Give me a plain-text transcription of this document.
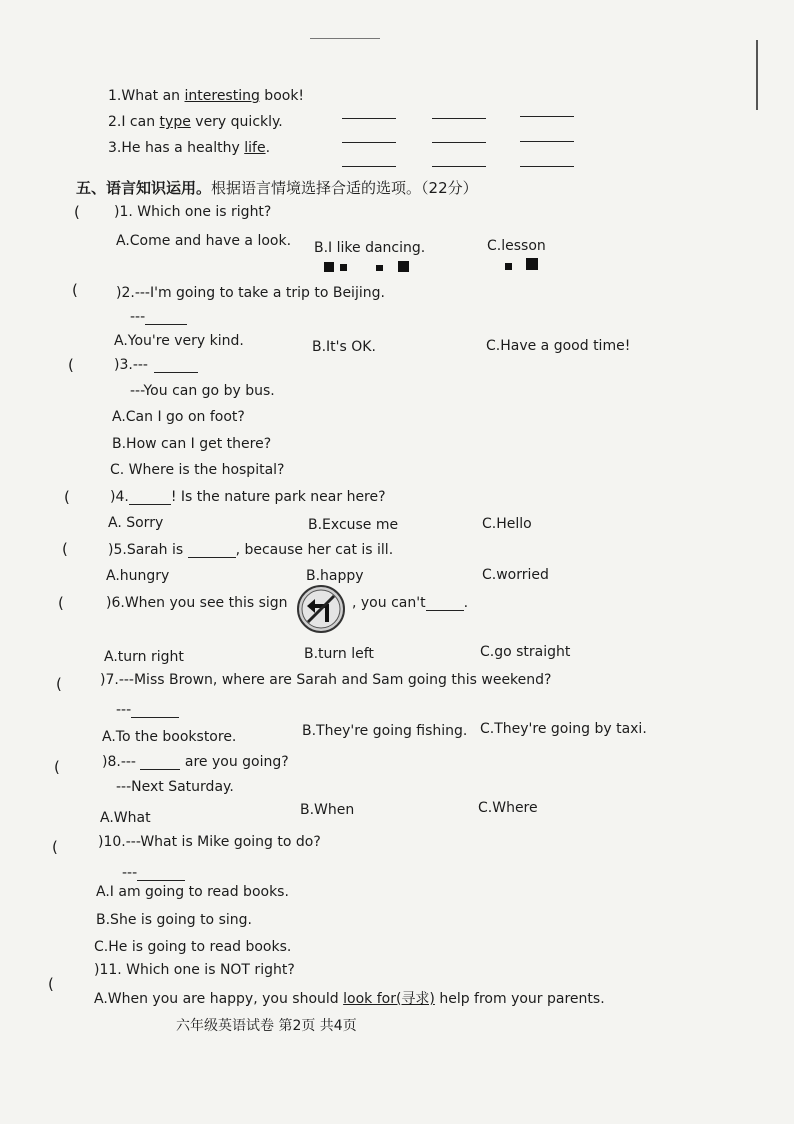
1.What an interesting book!
2.I can type very quickly.
3.He has a healthy life.
五、语言知识运用。根据语言情境选择合适的选项。（22分）
( )1. Which one is right?
A.Come and have a look. B.I like dancing.	C.lesson
(	)2.---I'm going to take a trip to Beijing.
---
A.You're very kind.	B.It's OK.	C.Have a good time!
(	)3.---
---You can go by bus.
A.Can I go on foot?
B.How can I get there?
C. Where is the hospital?
(	)4.	! Is the nature park near here?
A. Sorry	B.Excuse me	C.Hello
(	)5.Sarah is	, because her cat is ill.
A.hungry	B.happy	C.worried
(	)6.When you see this sign	, you can't	.
A.turn right	B.turn left	C.go straight
(	)7.---Miss Brown, where are Sarah and Sam going this weekend?
---
A.To the bookstore.	B.They're going fishing. C.They're going by taxi.
(	)8.---	are you going?
---Next Saturday.
A.What	B.When	C.Where
(	)10.---What is Mike going to do?
---
A.I am going to read books.
B.She is going to sing.
C.He is going to read books.
(
)11. Which one is NOT right?
A.When you are happy, you should look for(寻求) help from your parents.
六年级英语试卷 第2页 共4页
